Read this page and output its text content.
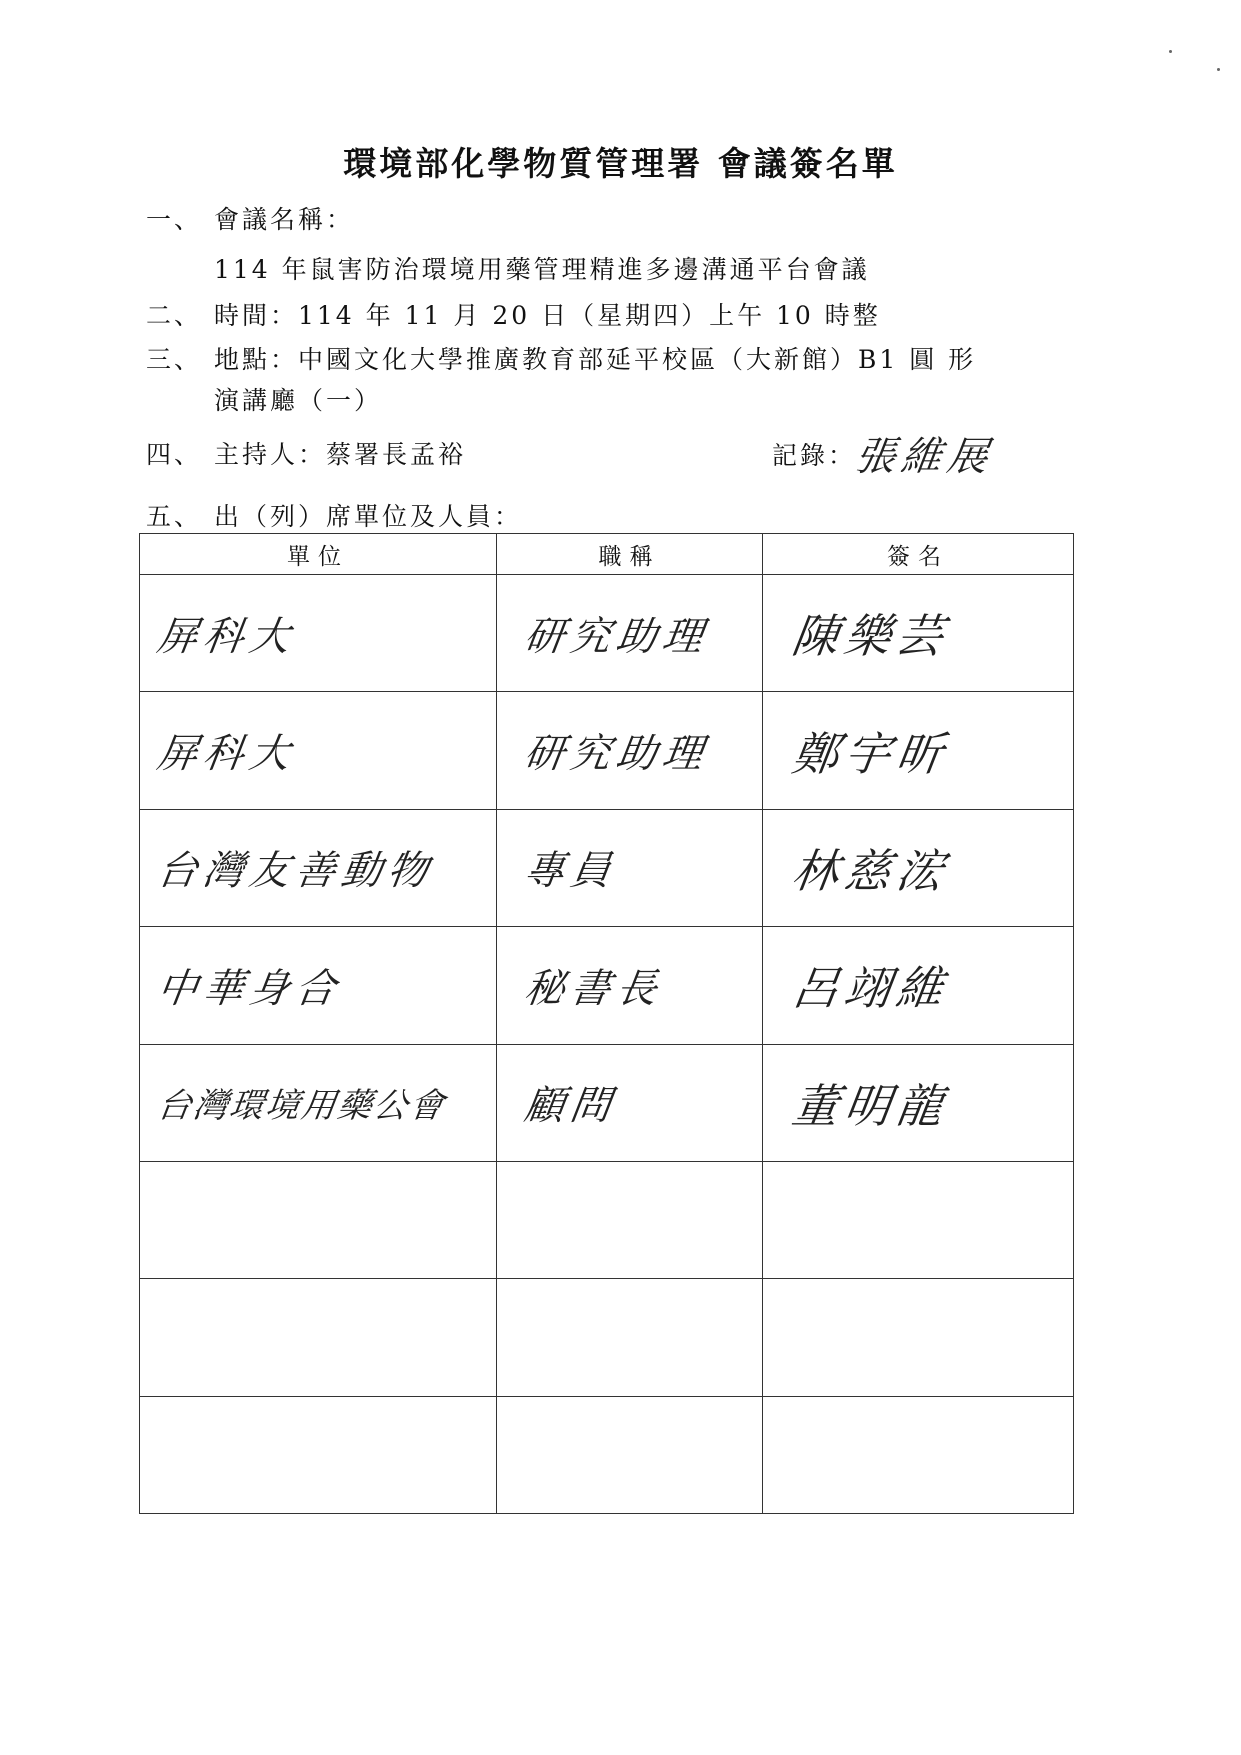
環境部化學物質管理署 會議簽名單
一、 會議名稱：
114 年鼠害防治環境用藥管理精進多邊溝通平台會議
二、 時間：114 年 11 月 20 日（星期四）上午 10 時整
三、 地點：中國文化大學推廣教育部延平校區（大新館）B1 圓 形
演講廳（一）
四、 主持人：蔡署長孟裕	記錄：張維展
五、 出（列）席單位及人員：
單位	職稱	簽名
屏科大	研究助理	陳樂芸
屏科大	研究助理	鄭宇昕
台灣友善動物	專員	林慈浤
中華身合	秘書長	呂翊維
台灣環境用藥公會	顧問	董明龍
